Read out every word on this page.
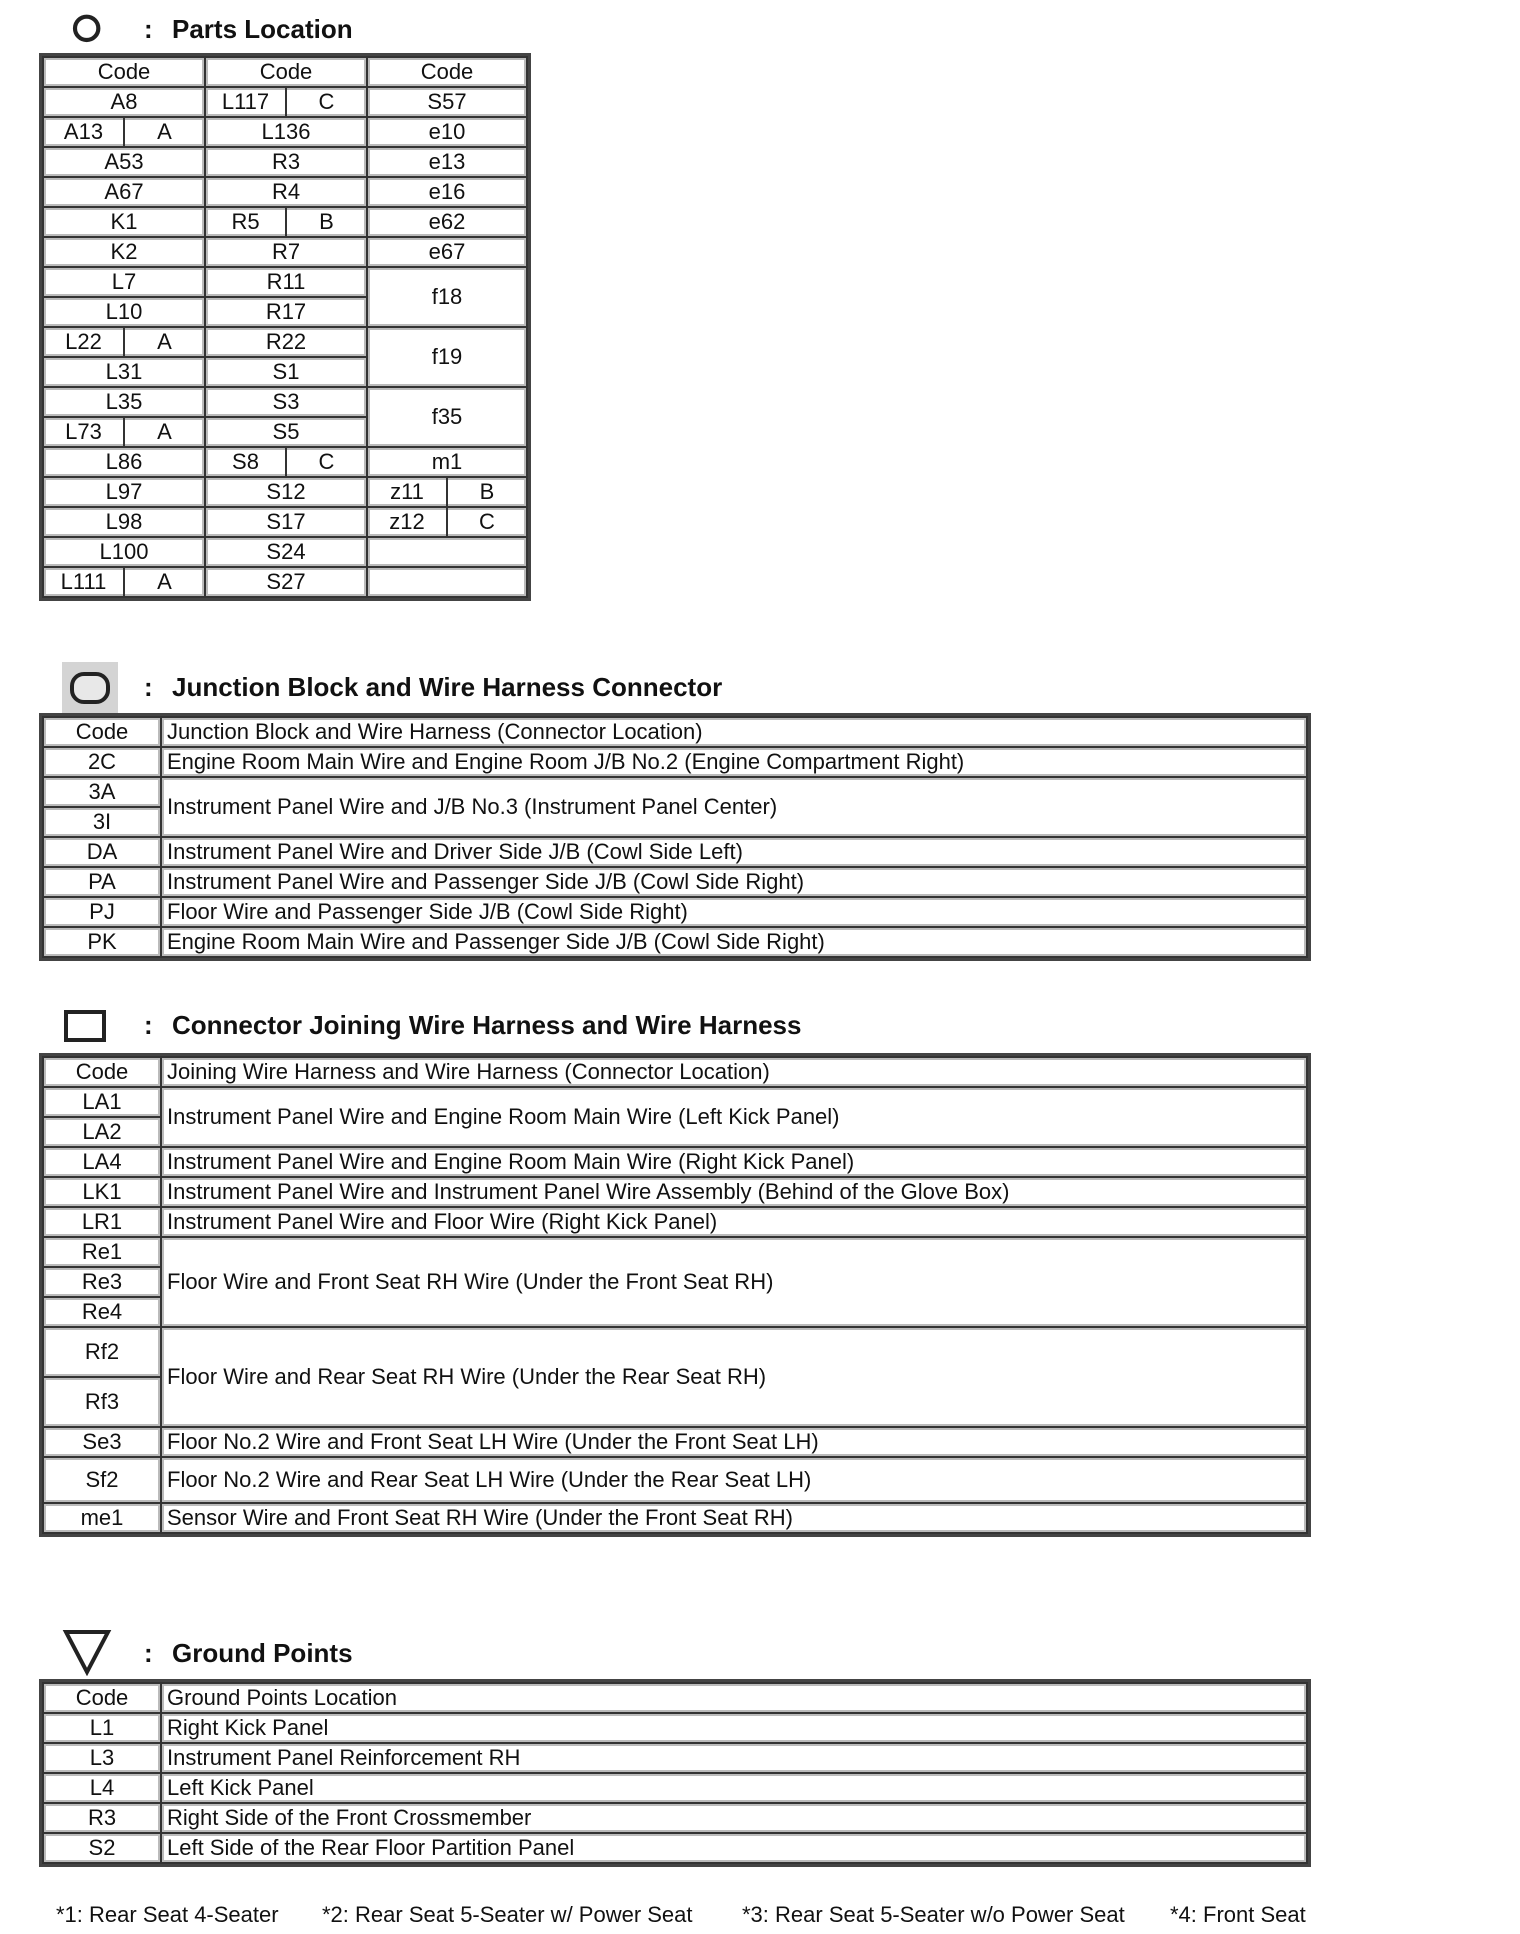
: Parts Location
Code	Code	Code
A8	L117 C	S57

A13 A	L136	e10
A53	R3	e13
A67	R4	e16
K1	R5 B	e62
K2	R7	e67
L7	R11	f18
L10	R17	

L22 A	R22	f19
L31	S1	
L35	S3	f35

L73 A	S5	
L86	S8 C	m1
L97	S12	z11 B

L98	S17	z12 C

L100	S24	

L111 A	S27	
: Junction Block and Wire Harness Connector
Code	Junction Block and Wire Harness (Connector Location)
2C	Engine Room Main Wire and Engine Room J/B No.2 (Engine Compartment Right)
3A	Instrument Panel Wire and J/B No.3 (Instrument Panel Center)
3I	
DA	Instrument Panel Wire and Driver Side J/B (Cowl Side Left)
PA	Instrument Panel Wire and Passenger Side J/B (Cowl Side Right)
PJ	Floor Wire and Passenger Side J/B (Cowl Side Right)
PK	Engine Room Main Wire and Passenger Side J/B (Cowl Side Right)
: Connector Joining Wire Harness and Wire Harness
Code	Joining Wire Harness and Wire Harness (Connector Location)
LA1	Instrument Panel Wire and Engine Room Main Wire (Left Kick Panel)
LA2	
LA4	Instrument Panel Wire and Engine Room Main Wire (Right Kick Panel)
LK1	Instrument Panel Wire and Instrument Panel Wire Assembly (Behind of the Glove Box)
LR1	Instrument Panel Wire and Floor Wire (Right Kick Panel)
Re1	Floor Wire and Front Seat RH Wire (Under the Front Seat RH)
Re3	
Re4	
Rf2	Floor Wire and Rear Seat RH Wire (Under the Rear Seat RH)
Rf3	
Se3	Floor No.2 Wire and Front Seat LH Wire (Under the Front Seat LH)
Sf2	Floor No.2 Wire and Rear Seat LH Wire (Under the Rear Seat LH)
me1	Sensor Wire and Front Seat RH Wire (Under the Front Seat RH)
: Ground Points
Code	Ground Points Location
L1	Right Kick Panel
L3	Instrument Panel Reinforcement RH
L4	Left Kick Panel
R3	Right Side of the Front Crossmember
S2	Left Side of the Rear Floor Partition Panel
*1: Rear Seat 4-Seater	*2: Rear Seat 5-Seater w/ Power Seat	*3: Rear Seat 5-Seater w/o Power Seat	*4: Front Seat
